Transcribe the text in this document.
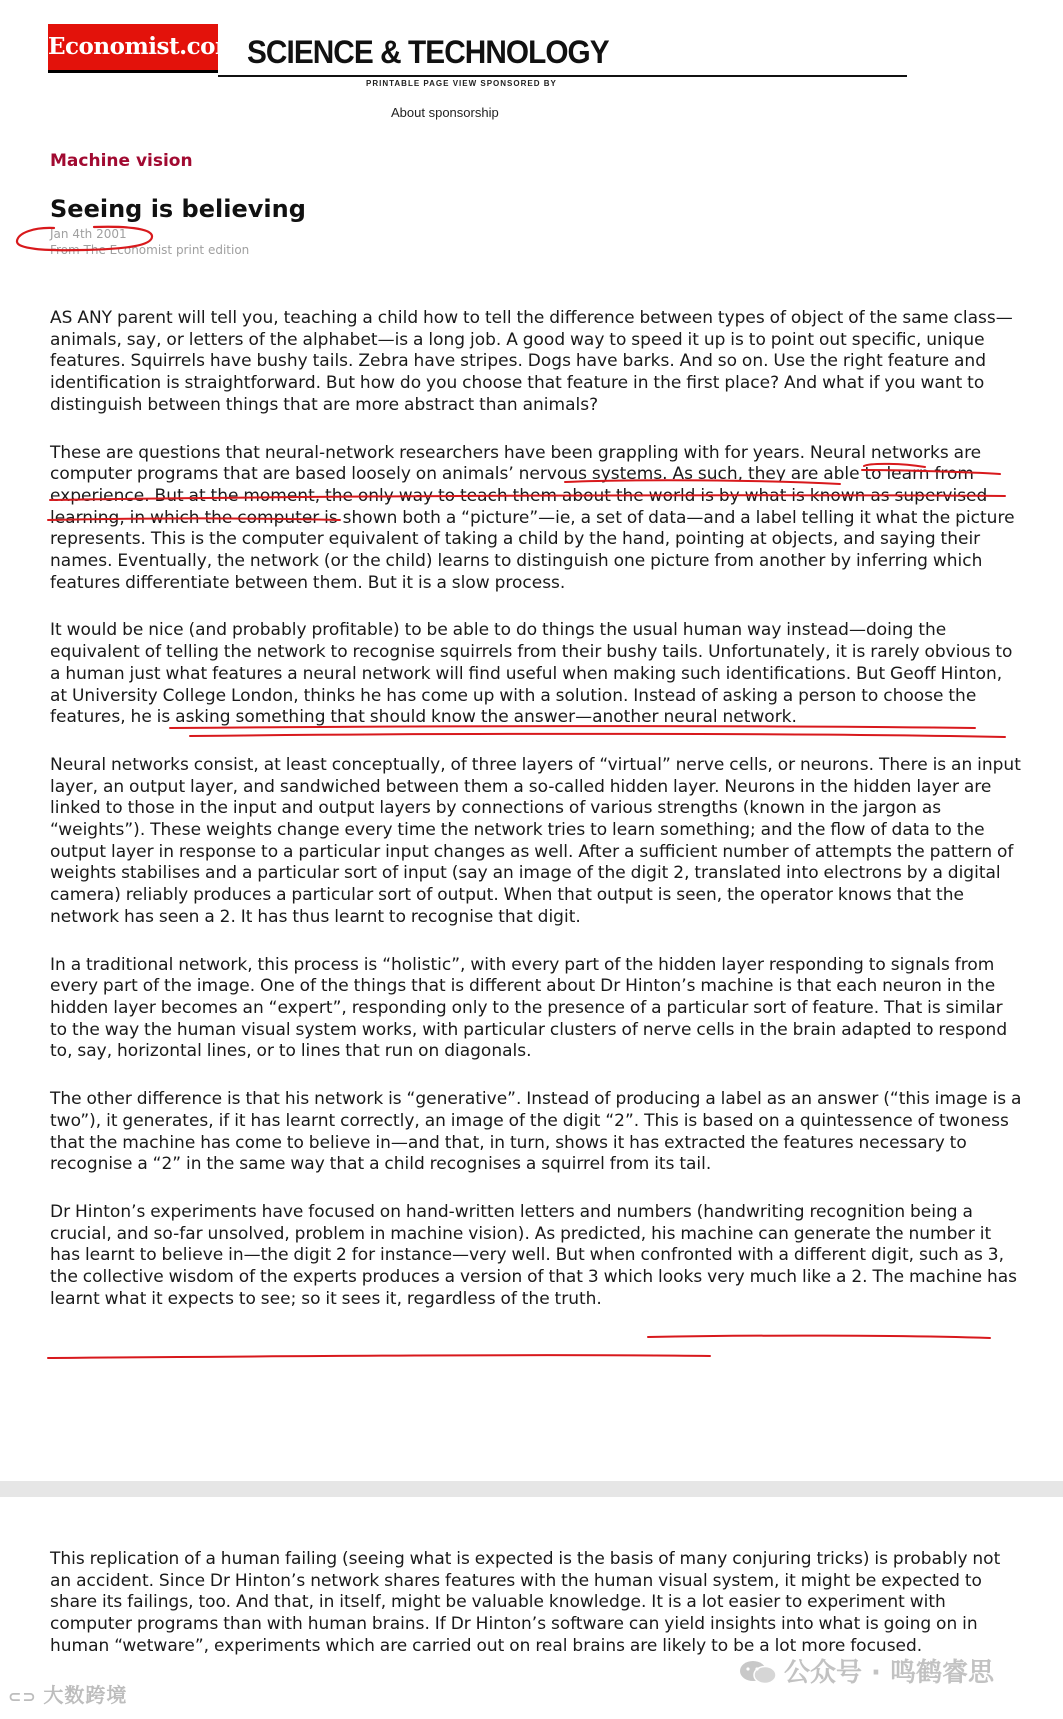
Economist.com SCIENCE & TECHNOLOGY
PRINTABLE PAGE VIEW SPONSORED BY
About sponsorship
Machine vision
Seeing is believing
Jan 4th 2001
From The Economist print edition

AS ANY parent will tell you, teaching a child how to tell the difference between types of object of the same class—animals, say, or letters of the alphabet—is a long job. A good way to speed it up is to point out specific, unique features. Squirrels have bushy tails. Zebra have stripes. Dogs have barks. And so on. Use the right feature and identification is straightforward. But how do you choose that feature in the first place? And what if you want to distinguish between things that are more abstract than animals?

These are questions that neural-network researchers have been grappling with for years. Neural networks are computer programs that are based loosely on animals’ nervous systems. As such, they are able to learn from experience. But at the moment, the only way to teach them about the world is by what is known as supervised learning, in which the computer is shown both a “picture”—ie, a set of data—and a label telling it what the picture represents. This is the computer equivalent of taking a child by the hand, pointing at objects, and saying their names. Eventually, the network (or the child) learns to distinguish one picture from another by inferring which features differentiate between them. But it is a slow process.

It would be nice (and probably profitable) to be able to do things the usual human way instead—doing the equivalent of telling the network to recognise squirrels from their bushy tails. Unfortunately, it is rarely obvious to a human just what features a neural network will find useful when making such identifications. But Geoff Hinton, at University College London, thinks he has come up with a solution. Instead of asking a person to choose the features, he is asking something that should know the answer—another neural network.

Neural networks consist, at least conceptually, of three layers of “virtual” nerve cells, or neurons. There is an input layer, an output layer, and sandwiched between them a so-called hidden layer. Neurons in the hidden layer are linked to those in the input and output layers by connections of various strengths (known in the jargon as “weights”). These weights change every time the network tries to learn something; and the flow of data to the output layer in response to a particular input changes as well. After a sufficient number of attempts the pattern of weights stabilises and a particular sort of input (say an image of the digit 2, translated into electrons by a digital camera) reliably produces a particular sort of output. When that output is seen, the operator knows that the network has seen a 2. It has thus learnt to recognise that digit.

In a traditional network, this process is “holistic”, with every part of the hidden layer responding to signals from every part of the image. One of the things that is different about Dr Hinton’s machine is that each neuron in the hidden layer becomes an “expert”, responding only to the presence of a particular sort of feature. That is similar to the way the human visual system works, with particular clusters of nerve cells in the brain adapted to respond to, say, horizontal lines, or to lines that run on diagonals.

The other difference is that his network is “generative”. Instead of producing a label as an answer (“this image is a two”), it generates, if it has learnt correctly, an image of the digit “2”. This is based on a quintessence of twoness that the machine has come to believe in—and that, in turn, shows it has extracted the features necessary to recognise a “2” in the same way that a child recognises a squirrel from its tail.

Dr Hinton’s experiments have focused on hand-written letters and numbers (handwriting recognition being a crucial, and so-far unsolved, problem in machine vision). As predicted, his machine can generate the number it has learnt to believe in—the digit 2 for instance—very well. But when confronted with a different digit, such as 3, the collective wisdom of the experts produces a version of that 3 which looks very much like a 2. The machine has learnt what it expects to see; so it sees it, regardless of the truth.

This replication of a human failing (seeing what is expected is the basis of many conjuring tricks) is probably not an accident. Since Dr Hinton’s network shares features with the human visual system, it might be expected to share its failings, too. And that, in itself, might be valuable knowledge. It is a lot easier to experiment with computer programs than with human brains. If Dr Hinton’s software can yield insights into what is going on in human “wetware”, experiments which are carried out on real brains are likely to be a lot more focused.

⊂⊃ 大数跨境
公众号 · 鸣鹤睿思
